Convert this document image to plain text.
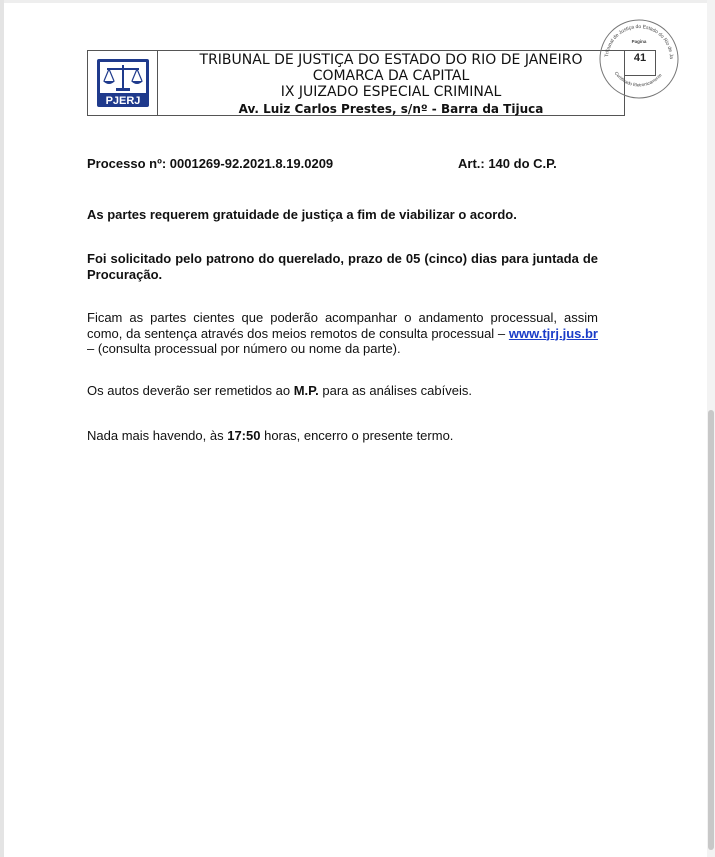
PJERJ
TRIBUNAL DE JUSTIÇA DO ESTADO DO RIO DE JANEIRO
COMARCA DA CAPITAL
IX JUIZADO ESPECIAL CRIMINAL
Av. Luiz Carlos Prestes, s/nº - Barra da Tijuca
Tribunal de Justiça do Estado do Rio de Ja
Pagina
Certificado Eletronicamente
41
Processo nº: 0001269-92.2021.8.19.0209	Art.: 140 do C.P.
As partes requerem gratuidade de justiça a fim de viabilizar o acordo.
Foi solicitado pelo patrono do querelado, prazo de 05 (cinco) dias para juntada de Procuração.
Ficam as partes cientes que poderão acompanhar o andamento processual, assim como, da sentença através dos meios remotos de consulta processual – www.tjrj.jus.br – (consulta processual por número ou nome da parte).
Os autos deverão ser remetidos ao M.P. para as análises cabíveis.
Nada mais havendo, às 17:50 horas, encerro o presente termo.
